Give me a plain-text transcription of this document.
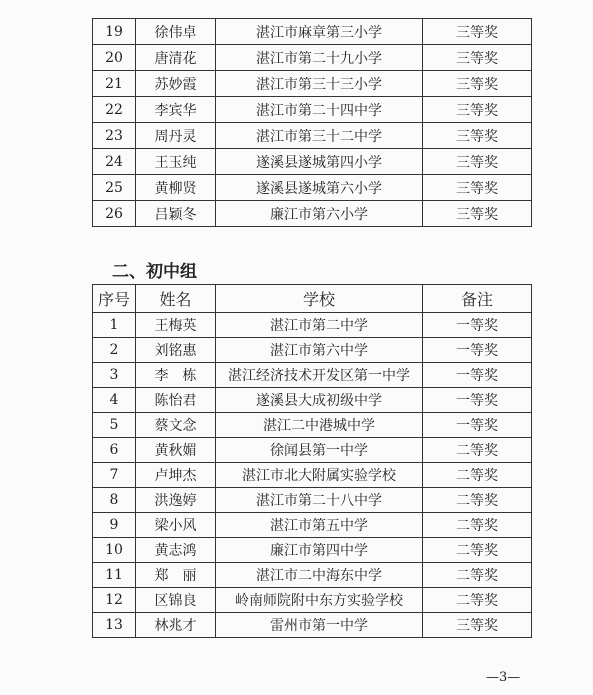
19	徐伟卓	湛江市麻章第三小学	三等奖
20	唐清花	湛江市第二十九小学	三等奖
21	苏妙霞	湛江市第三十三小学	三等奖
22	李宾华	湛江市第二十四中学	三等奖
23	周丹灵	湛江市第三十二中学	三等奖
24	王玉纯	遂溪县遂城第四小学	三等奖
25	黄柳贤	遂溪县遂城第六小学	三等奖
26	吕颖冬	廉江市第六小学	三等奖
二、初中组
序号	姓名	学校	备注
1	王梅英	湛江市第二中学	一等奖
2	刘铭惠	湛江市第六中学	一等奖
3	李　栋	湛江经济技术开发区第一中学	一等奖
4	陈怡君	遂溪县大成初级中学	一等奖
5	蔡文念	湛江二中港城中学	一等奖
6	黄秋媚	徐闻县第一中学	二等奖
7	卢坤杰	湛江市北大附属实验学校	二等奖
8	洪逸婷	湛江市第二十八中学	二等奖
9	梁小风	湛江市第五中学	二等奖
10	黄志鸿	廉江市第四中学	二等奖
11	郑　丽	湛江市二中海东中学	二等奖
12	区锦良	岭南师院附中东方实验学校	二等奖
13	林兆才	雷州市第一中学	三等奖
—3—
